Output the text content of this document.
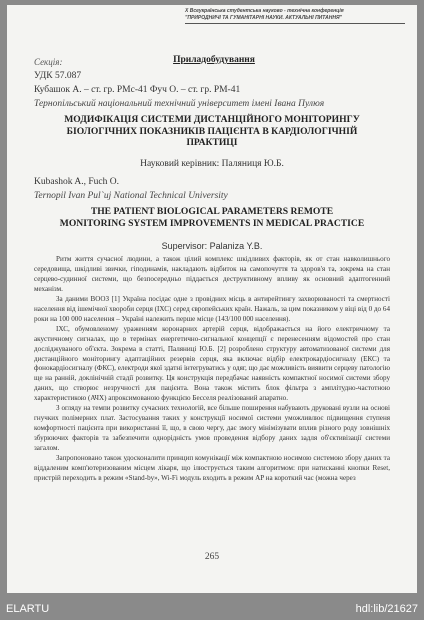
X Всеукраїнська студентська науково - технічна конференція
"ПРИРОДНИЧІ ТА ГУМАНІТАРНІ НАУКИ. АКТУАЛЬНІ ПИТАННЯ"
Секція:	Приладобудування
УДК 57.087
Кубашок А. – ст. гр. РМс-41 Фуч О. – ст. гр. РМ-41
Тернопільський національний технічний університет імені Івана Пулюя
МОДИФІКАЦІЯ СИСТЕМИ ДИСТАНЦІЙНОГО МОНІТОРИНГУ
БІОЛОГІЧНИХ ПОКАЗНИКІВ ПАЦІЄНТА В КАРДІОЛОГІЧНІЙ
ПРАКТИЦІ
Науковий керівник: Паляниця Ю.Б.
Kubashok A., Fuch O.
Ternopil Ivan Pul`uj National Technical University
THE PATIENT BIOLOGICAL PARAMETERS REMOTE
MONITORING SYSTEM IMPROVEMENTS IN MEDICAL PRACTICE
Supervisor: Palaniza Y.B.

Ритм життя сучасної людини, а також цілий комплекс шкідливих факторів, як от стан навколишнього середовища, шкідливі звички, гіподинамія, накладають відбиток на самопочуття та здоров'я та, зокрема на стан серцево-судинної системи, що безпосередньо піддається деструктивному впливу як основний адаптогенний механізм.

За даними ВООЗ [1] Україна посідає одне з провідних місць в антирейтингу захворюваності та смертності населення від ішемічної хвороби серця (ІХС) серед європейських країн. Нажаль, за цим показником у віці від 0 до 64 роки на 100 000 населення – Україні належить перше місце (143/100 000 населення).

ІХС, обумовленому ураженням коронарних артерій серця, відображається на його електричному та акустичному сигналах, що в термінах енергетично-сигнальної концепції є перенесенням відомостей про стан досліджуваного об'єкта. Зокрема в статті, Паляниці Ю.Б. [2] розроблено структуру автоматизованої системи для дистанційного моніторингу адаптаційних резервів серця, яка включає відбір електрокардіосигналу (ЕКС) та фонокардіосигналу (ФКС), електроди якої здатні інтегруватись у одяг, що дає можливість виявити серцеву патологію ще на ранній, доклінічній стадії розвитку. Ця конструкція передбачає наявність компактної носимої системи збору даних, що створює незручності для пацієнта. Вона також містить блок фільтра з амплітудно-частотною характеристикою (АЧХ) апроксимованою функцією Бесселя реалізований апаратно.

З огляду на темпи розвитку сучасних технологій, все більше поширення набувають друковані вузли на основі гнучких полімерних плат. Застосування таких у конструкції носимої системи уможливлює підвищення ступеня комфортності пацієнта при використанні її, що, в свою чергу, дає змогу мінімізувати вплив різного роду зовнішніх збурюючих факторів та забезпечити однорідність умов проведення відбору даних задля об'єктивізації системи загалом.

Запропоновано також удосконалити принцип комунікації між компактною носимою системою збору даних та віддаленим комп'ютеризованим місцем лікаря, що ілюструється таким алгоритмом: при натисканні кнопки Reset, пристрій переходить в режим «Stand-by», Wi-Fi модуль входить в режим AP на короткий час (можна через

265
ELARTU	hdl:lib/21627
